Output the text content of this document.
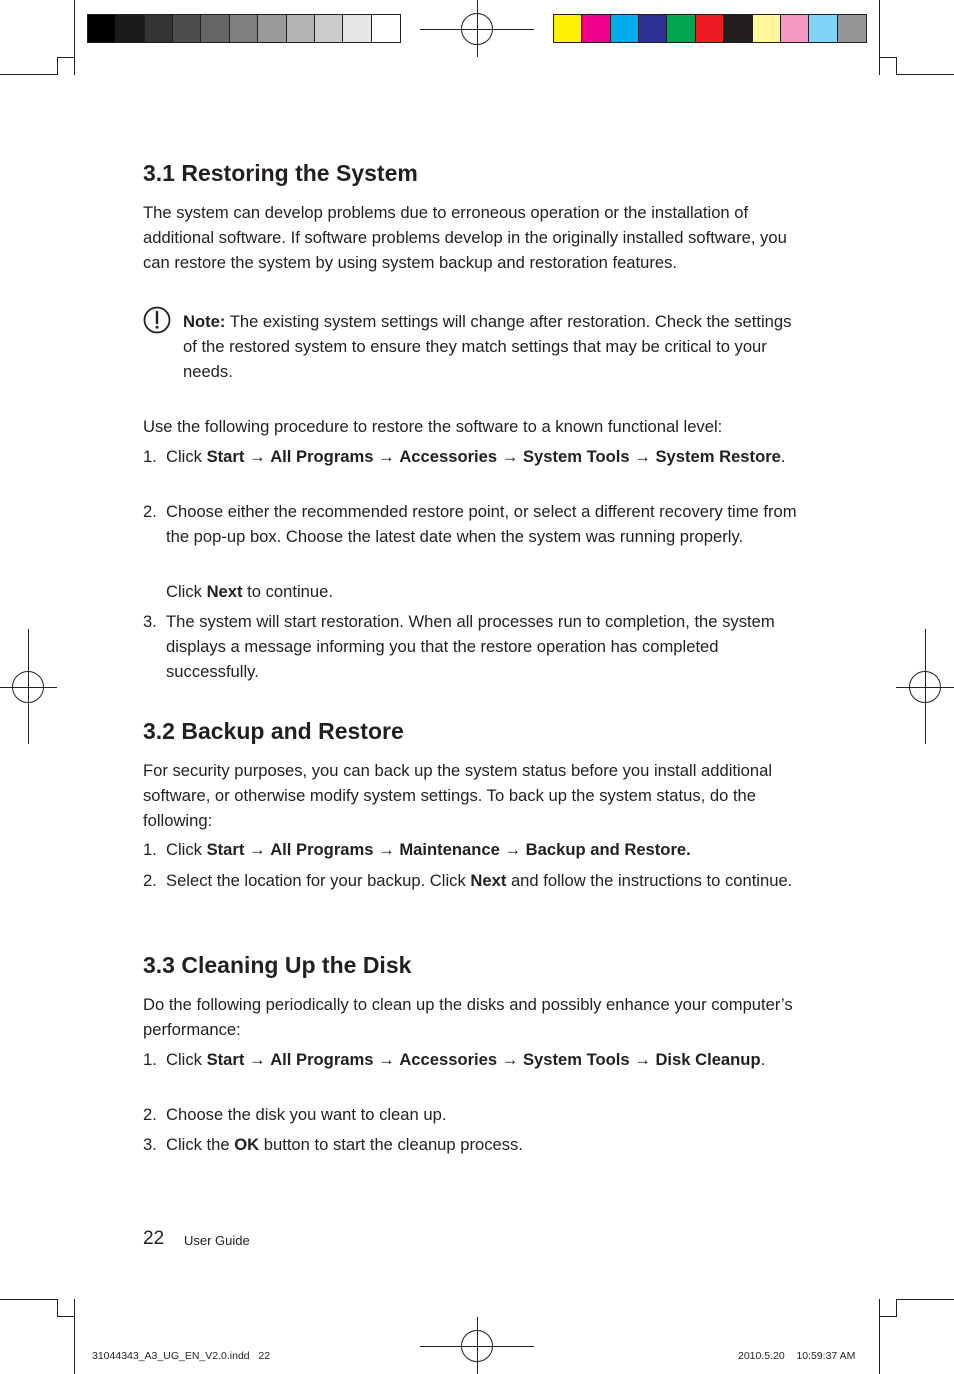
3.1 Restoring the System

The system can develop problems due to erroneous operation or the installation of additional software. If software problems develop in the originally installed software, you can restore the system by using system backup and restoration features.

Note: The existing system settings will change after restoration. Check the settings of the restored system to ensure they match settings that may be critical to your needs.

Use the following procedure to restore the software to a known functional level:

1. Click Start → All Programs → Accessories → System Tools → System Restore.
2. Choose either the recommended restore point, or select a different recovery time from the pop-up box. Choose the latest date when the system was running properly.
Click Next to continue.
3. The system will start restoration. When all processes run to completion, the system displays a message informing you that the restore operation has completed successfully.
3.2 Backup and Restore

For security purposes, you can back up the system status before you install additional software, or otherwise modify system settings. To back up the system status, do the following:

1. Click Start → All Programs → Maintenance → Backup and Restore.
2. Select the location for your backup. Click Next and follow the instructions to continue.
3.3 Cleaning Up the Disk

Do the following periodically to clean up the disks and possibly enhance your computer’s performance:

1. Click Start → All Programs → Accessories → System Tools → Disk Cleanup.
2. Choose the disk you want to clean up.
3. Click the OK button to start the cleanup process.
22 User Guide
31044343_A3_UG_EN_V2.0.indd   22	2010.5.20    10:59:37 AM
